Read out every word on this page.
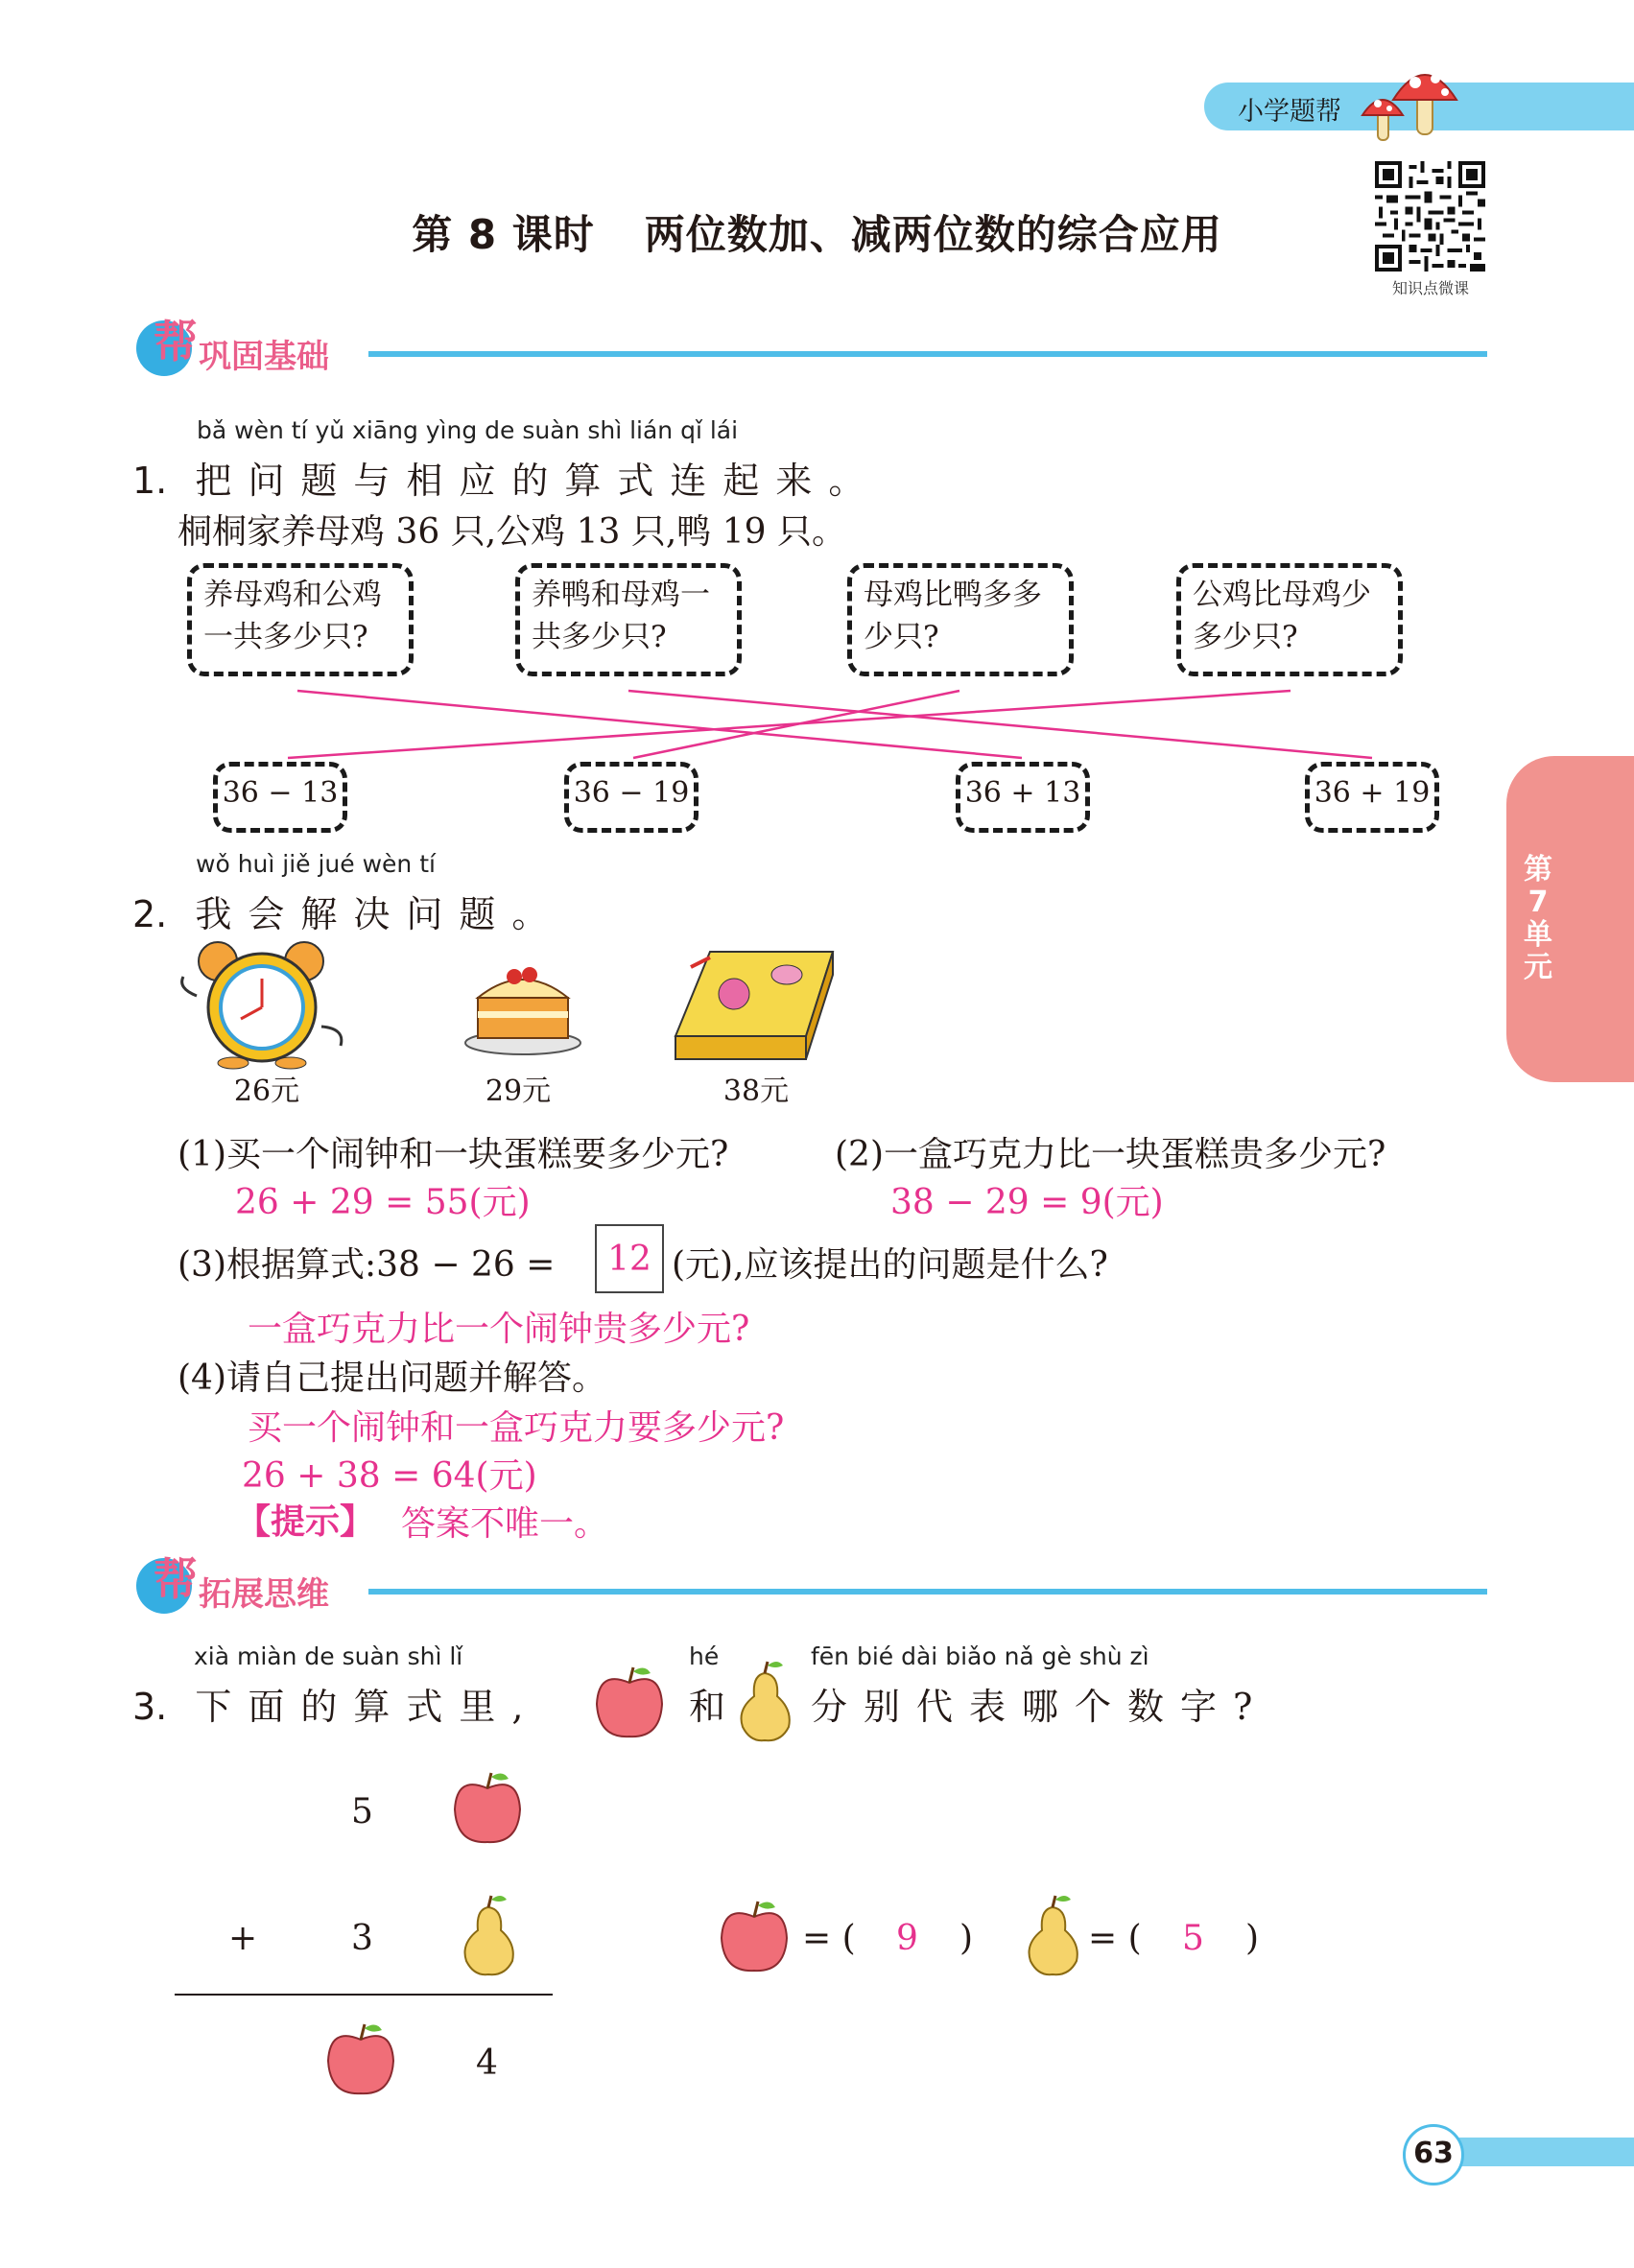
小学题帮
第 8 课时 两位数加、减两位数的综合应用
知识点微课
第7单元
帮 巩固基础
bǎ wèn tí yǔ xiāng yìng de suàn shì lián qǐ lái
1. 把问题与相应的算式连起来。
桐桐家养母鸡 36 只,公鸡 13 只,鸭 19 只。
养母鸡和公鸡
一共多少只?
养鸭和母鸡一
共多少只?
母鸡比鸭多多
少只?
公鸡比母鸡少
多少只?
36 − 13	36 − 19	36 + 13	36 + 19
wǒ huì jiě jué wèn tí
2. 我会解决问题。
26元	29元	38元
(1)买一个闹钟和一块蛋糕要多少元?	(2)一盒巧克力比一块蛋糕贵多少元?
26 + 29 = 55(元)	38 − 29 = 9(元)
(3)根据算式:38 − 26 =	12 (元),应该提出的问题是什么?
一盒巧克力比一个闹钟贵多少元?
(4)请自己提出问题并解答。
买一个闹钟和一盒巧克力要多少元?
26 + 38 = 64(元)
【提示】 答案不唯一。
帮 拓展思维
xià miàn de suàn shì lǐ	hé	fēn bié dài biǎo nǎ gè shù zì
3. 下面的算式里,	和 分别代表哪个数字?
5
+	3
4
= ( 9 )	= ( 5 )
63
